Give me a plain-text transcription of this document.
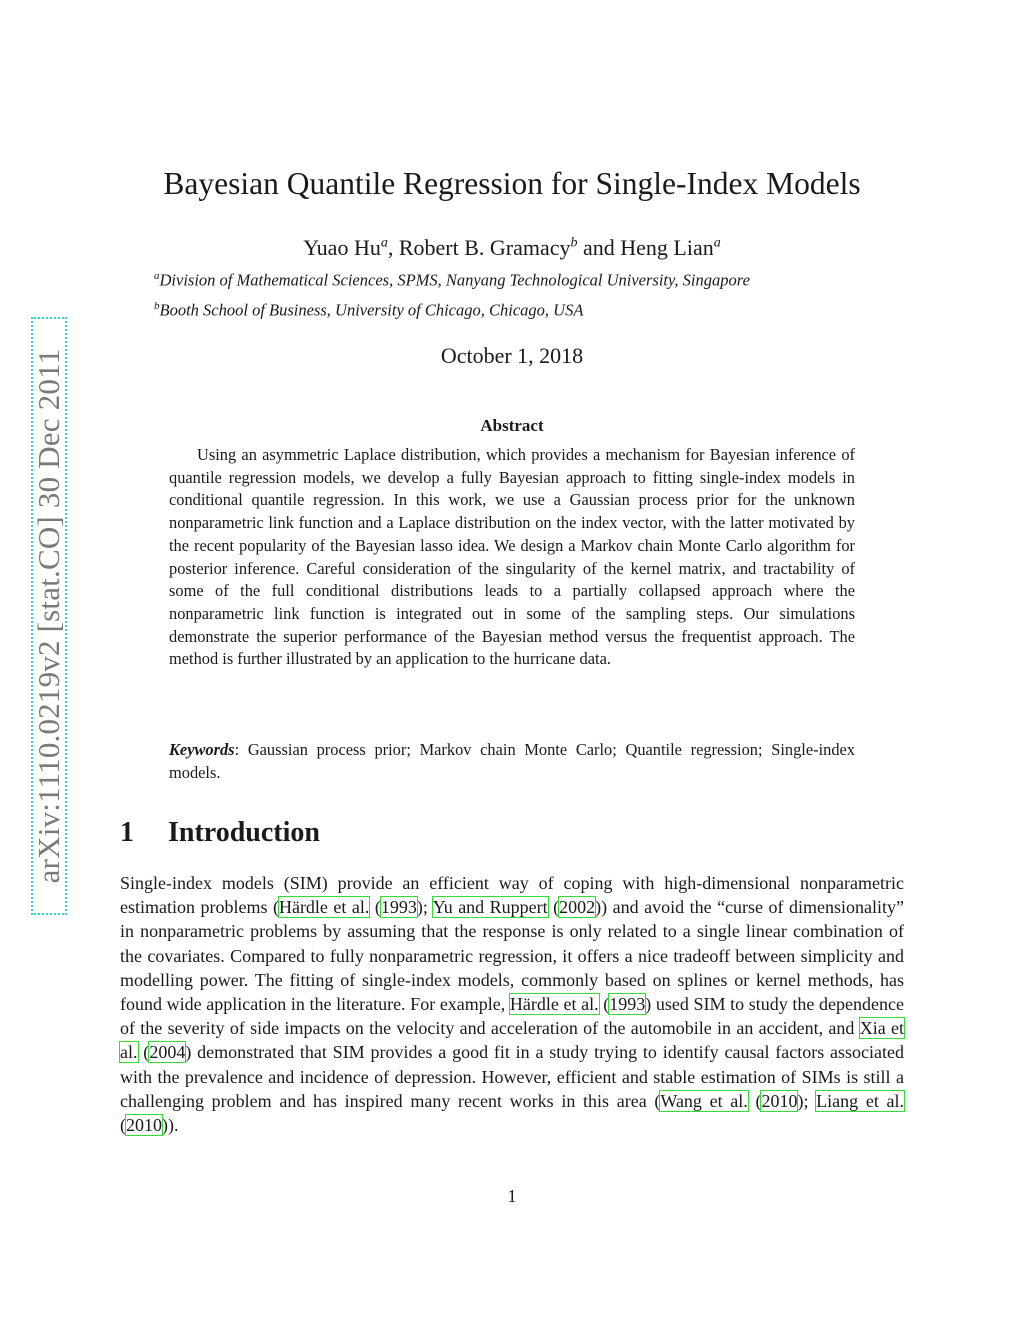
arXiv:1110.0219v2 [stat.CO] 30 Dec 2011
Bayesian Quantile Regression for Single-Index Models
Yuao Hu$^a$, Robert B. Gramacy$^b$ and Heng Lian$^a$
$^a$Division of Mathematical Sciences, SPMS, Nanyang Technological University, Singapore
$^b$Booth School of Business, University of Chicago, Chicago, USA
October 1, 2018
Abstract

Using an asymmetric Laplace distribution, which provides a mechanism for Bayesian inference of quantile regression models, we develop a fully Bayesian approach to fitting single-index models in conditional quantile regression. In this work, we use a Gaussian process prior for the unknown nonparametric link function and a Laplace distribution on the index vector, with the latter motivated by the recent popularity of the Bayesian lasso idea. We design a Markov chain Monte Carlo algorithm for posterior inference. Careful consideration of the singularity of the kernel matrix, and tractability of some of the full conditional distributions leads to a partially collapsed approach where the nonparametric link function is integrated out in some of the sampling steps. Our simulations demonstrate the superior performance of the Bayesian method versus the frequentist approach. The method is further illustrated by an application to the hurricane data.

Keywords: Gaussian process prior; Markov chain Monte Carlo; Quantile regression; Single-index models.

1 Introduction

Single-index models (SIM) provide an efficient way of coping with high-dimensional nonparametric estimation problems (Härdle et al. (1993); Yu and Ruppert (2002)) and avoid the “curse of dimensionality” in nonparametric problems by assuming that the response is only related to a single linear combination of the covariates. Compared to fully nonparametric regression, it offers a nice tradeoff between simplicity and modelling power. The fitting of single-index models, commonly based on splines or kernel methods, has found wide application in the literature. For example, Härdle et al. (1993) used SIM to study the dependence of the severity of side impacts on the velocity and acceleration of the automobile in an accident, and Xia et al. (2004) demonstrated that SIM provides a good fit in a study trying to identify causal factors associated with the prevalence and incidence of depression. However, efficient and stable estimation of SIMs is still a challenging problem and has inspired many recent works in this area (Wang et al. (2010); Liang et al. (2010)).

1
